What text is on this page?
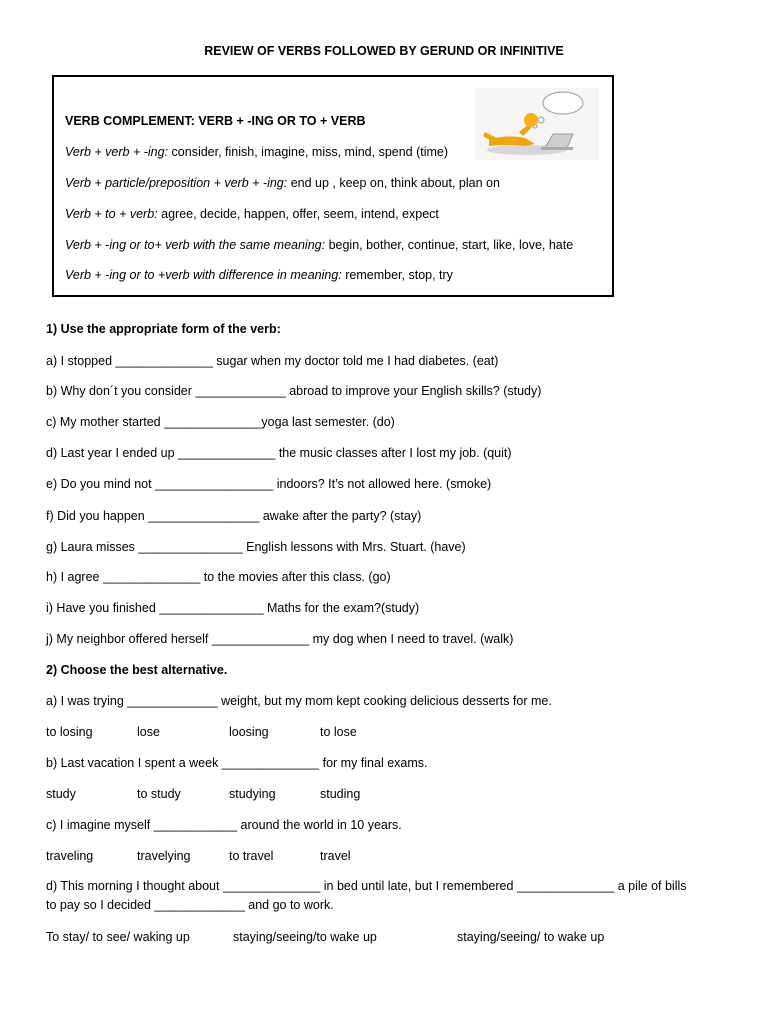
REVIEW OF VERBS FOLLOWED BY GERUND OR INFINITIVE
VERB COMPLEMENT: VERB + -ING OR TO + VERB
Verb + verb + -ing: consider, finish, imagine, miss, mind, spend (time)
Verb + particle/preposition + verb + -ing: end up , keep on, think about, plan on
Verb + to + verb: agree, decide, happen, offer, seem, intend, expect
Verb + -ing or to+ verb with the same meaning: begin, bother, continue, start, like, love, hate
Verb + -ing or to +verb with difference in meaning: remember, stop, try
1) Use the appropriate form of the verb:
a) I stopped ______________ sugar when my doctor told me I had diabetes. (eat)
b) Why don´t you consider _____________ abroad to improve your English skills? (study)
c) My mother started ______________yoga last semester. (do)
d) Last year I ended up ______________ the music classes after I lost my job. (quit)
e) Do you mind not _________________ indoors? It’s not allowed here. (smoke)
f) Did you happen ________________ awake after the party? (stay)
g) Laura misses _______________ English lessons with Mrs. Stuart. (have)
h) I agree ______________ to the movies after this class. (go)
i) Have you finished _______________ Maths for the exam?(study)
j) My neighbor offered herself ______________ my dog when I need to travel. (walk)
2) Choose the best alternative.
a) I was trying _____________ weight, but my mom kept cooking delicious desserts for me.
to losing	lose	loosing	to lose
b) Last vacation I spent a week ______________ for my final exams.
study	to study	studying	studing
c) I imagine myself ____________ around the world in 10 years.
traveling	travelying	to travel	travel
d) This morning I thought about ______________ in bed until late, but I remembered ______________ a pile of bills
to pay so I decided _____________ and go to work.
To stay/ to see/ waking up	staying/seeing/to wake up	staying/seeing/ to wake up
